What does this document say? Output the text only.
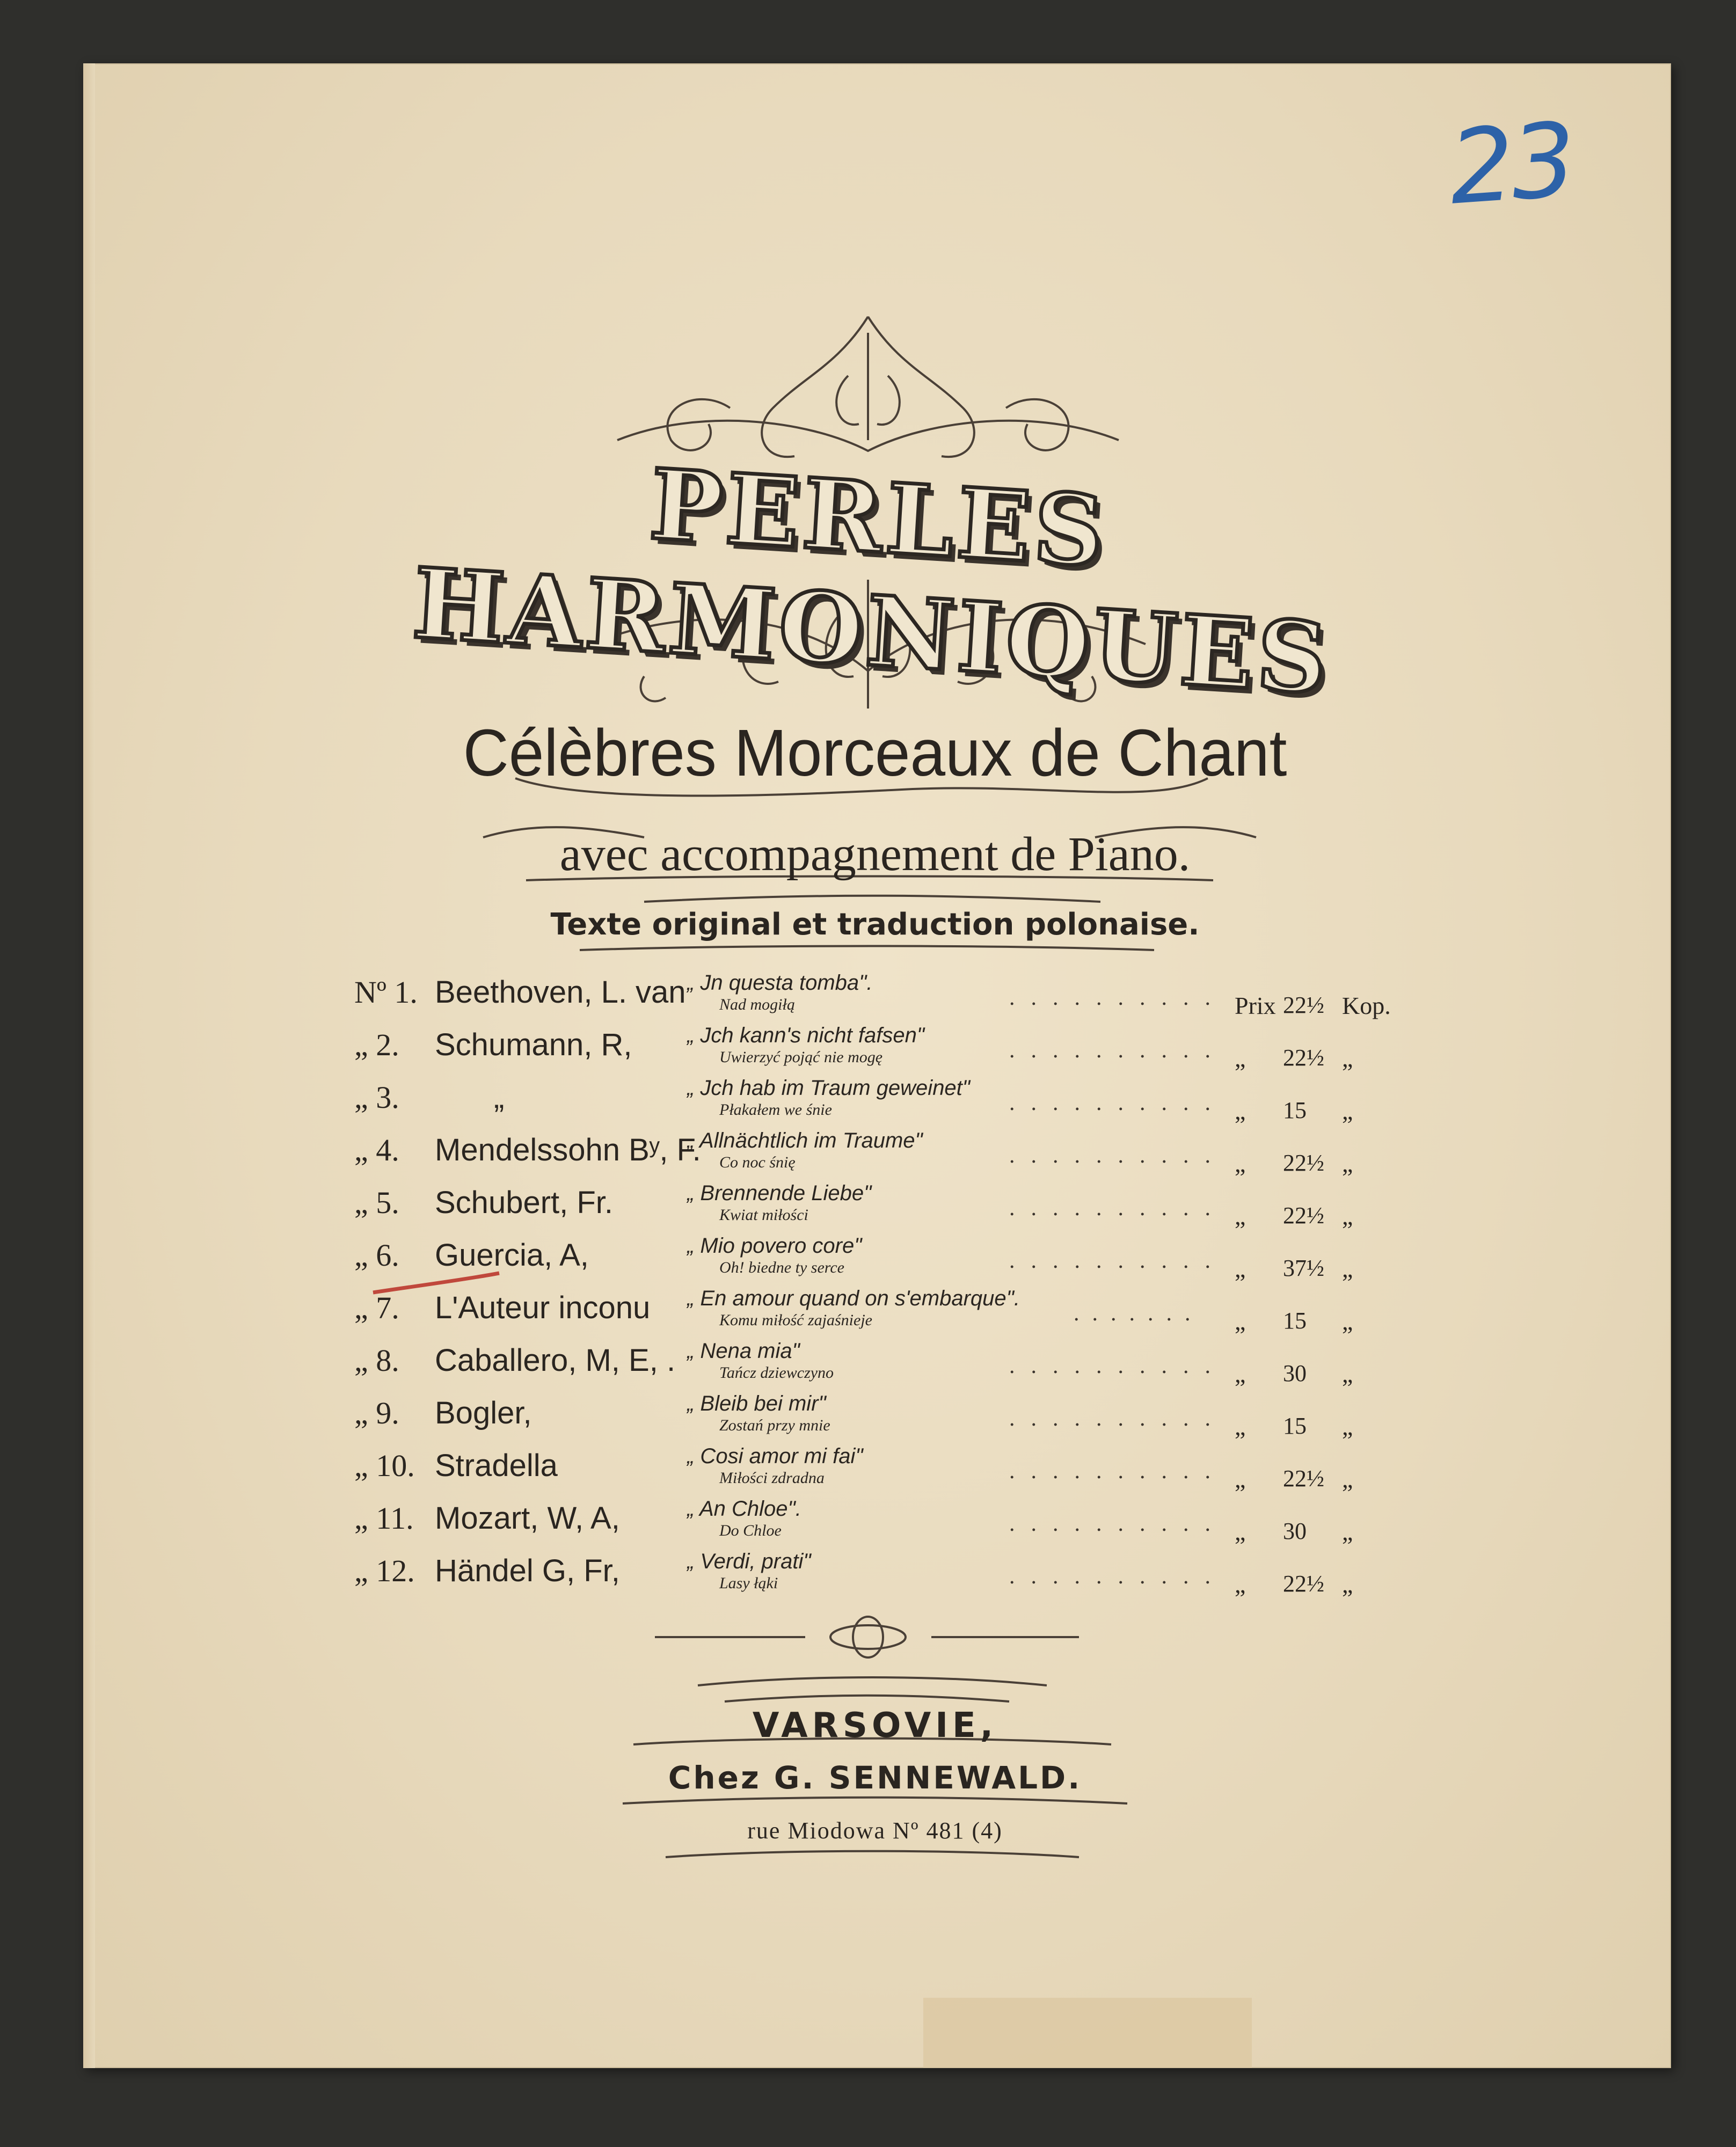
23
PERLES HARMONIQUES
Célèbres Morceaux de Chant
avec accompagnement de Piano.
Texte original et traduction polonaise.
Nº 1. Beethoven, L. van „ Jn questa tomba".
Nad mogiłą	.......... Prix 22½ Kop.
„ 2. Schumann, R,	„ Jch kann's nicht fafsen"
Uwierzyć pojąć nie mogę	.......... „ 22½ „
„ 3.	„	„ Jch hab im Traum geweinet"
Płakałem we śnie	.......... „ 15 „
„ 4. Mendelssohn Bʸ, F.
„ Allnächtlich im Traume"
Co noc śnię	.......... „ 22½ „
„ 5. Schubert, Fr.	„ Brennende Liebe"
Kwiat miłości	.......... „ 22½ „
„ 6. Guercia, A,	„ Mio povero core"
Oh! biedne ty serce	.......... „ 37½ „
„ 7. L'Auteur inconu „ En amour quand on s'embarque".
Komu miłość zajaśnieje	....... „ 15 „
„ 8. Caballero, M, E, . „ Nena mia"
Tańcz dziewczyno	.......... „ 30 „
„ 9. Bogler,	„ Bleib bei mir"
Zostań przy mnie	.......... „ 15 „
„ 10. Stradella	„ Cosi amor mi fai"
Miłości zdradna	.......... „ 22½ „
„ 11. Mozart, W, A,	„ An Chloe".
Do Chloe	.......... „ 30 „
„ 12. Händel G, Fr,	„ Verdi, prati"
Lasy łąki	.......... „ 22½ „
VARSOVIE,
Chez G. SENNEWALD.
rue Miodowa Nº 481 (4)
